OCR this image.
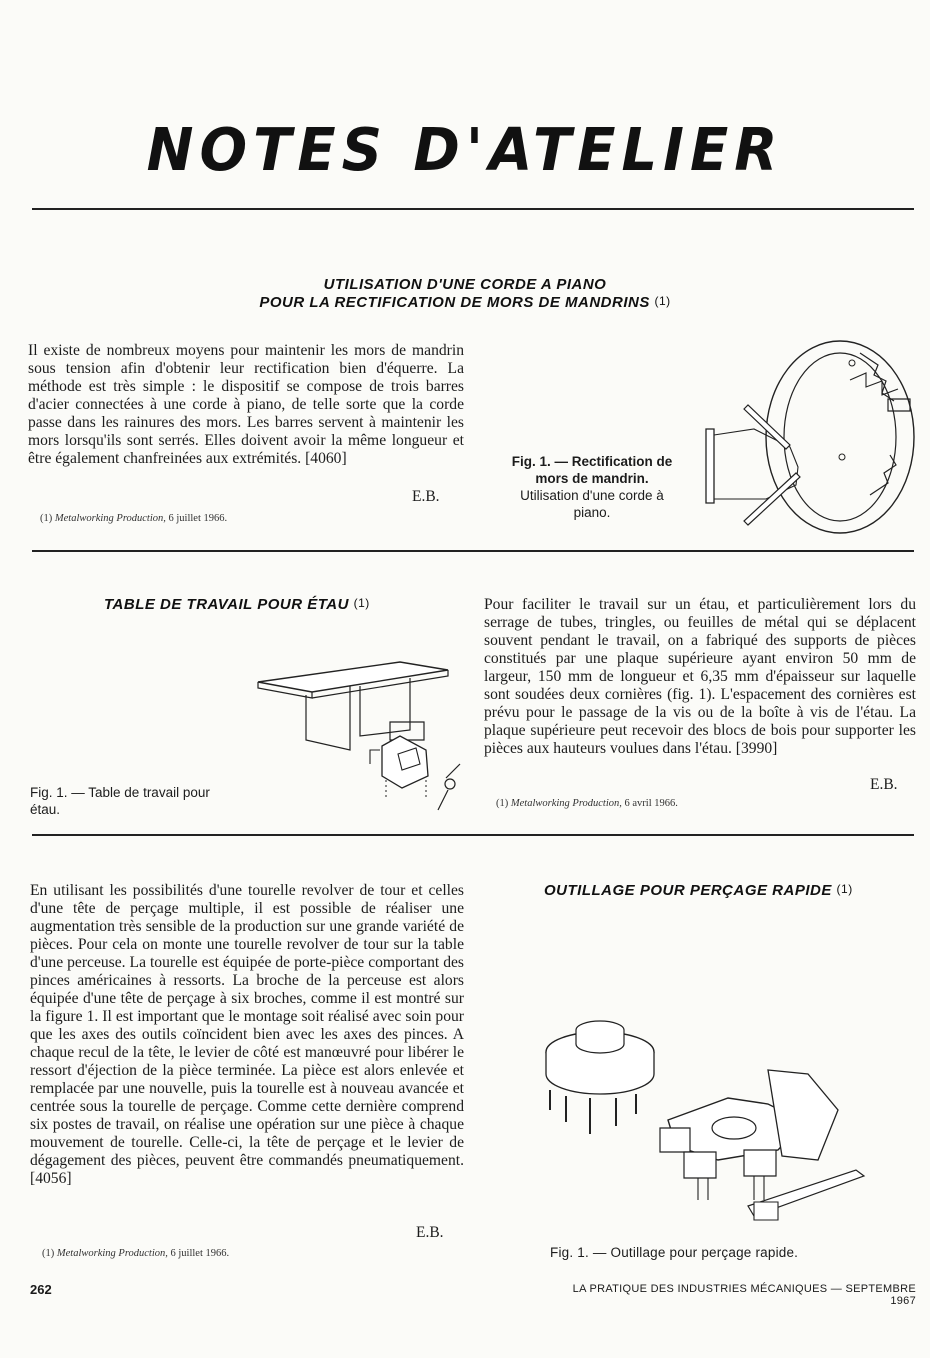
NOTES D'ATELIER
UTILISATION D'UNE CORDE A PIANO
POUR LA RECTIFICATION DE MORS DE MANDRINS (1)
Il existe de nombreux moyens pour maintenir les mors de mandrin sous tension afin d'obtenir leur rectification bien d'équerre. La méthode est très simple : le dispositif se compose de trois barres d'acier connectées à une corde à piano, de telle sorte que la corde passe dans les rainures des mors. Les barres servent à maintenir les mors lorsqu'ils sont serrés. Elles doivent avoir la même longueur et être également chanfreinées aux extrémités. [4060]
E.B.
(1) Metalworking Production, 6 juillet 1966.
Fig. 1. — Rectification de mors de mandrin.
Utilisation d'une corde à piano.
TABLE DE TRAVAIL POUR ÉTAU (1)
Fig. 1. — Table de travail pour étau.
Pour faciliter le travail sur un étau, et particulièrement lors du serrage de tubes, tringles, ou feuilles de métal qui se déplacent souvent pendant le travail, on a fabriqué des supports de pièces constitués par une plaque supérieure ayant environ 50 mm de largeur, 150 mm de longueur et 6,35 mm d'épaisseur sur laquelle sont soudées deux cornières (fig. 1). L'espacement des cornières est prévu pour le passage de la vis ou de la boîte à vis de l'étau. La plaque supérieure peut recevoir des blocs de bois pour supporter les pièces aux hauteurs voulues dans l'étau. [3990]
E.B.
(1) Metalworking Production, 6 avril 1966.
En utilisant les possibilités d'une tourelle revolver de tour et celles d'une tête de perçage multiple, il est possible de réaliser une augmentation très sensible de la production sur une grande variété de pièces. Pour cela on monte une tourelle revolver de tour sur la table d'une perceuse. La tourelle est équipée de porte-pièce comportant des pinces américaines à ressorts. La broche de la perceuse est alors équipée d'une tête de perçage à six broches, comme il est montré sur la figure 1. Il est important que le montage soit réalisé avec soin pour que les axes des outils coïncident bien avec les axes des pinces. A chaque recul de la tête, le levier de côté est manœuvré pour libérer le ressort d'éjection de la pièce terminée. La pièce est alors enlevée et remplacée par une nouvelle, puis la tourelle est à nouveau avancée et centrée sous la tourelle de perçage. Comme cette dernière comprend six postes de travail, on réalise une opération sur une pièce à chaque mouvement de tourelle. Celle-ci, la tête de perçage et le levier de dégagement des pièces, peuvent être commandés pneumatiquement. [4056]
E.B.
(1) Metalworking Production, 6 juillet 1966.
OUTILLAGE POUR PERÇAGE RAPIDE (1)
Fig. 1. — Outillage pour perçage rapide.
262	LA PRATIQUE DES INDUSTRIES MÉCANIQUES — SEPTEMBRE 1967
